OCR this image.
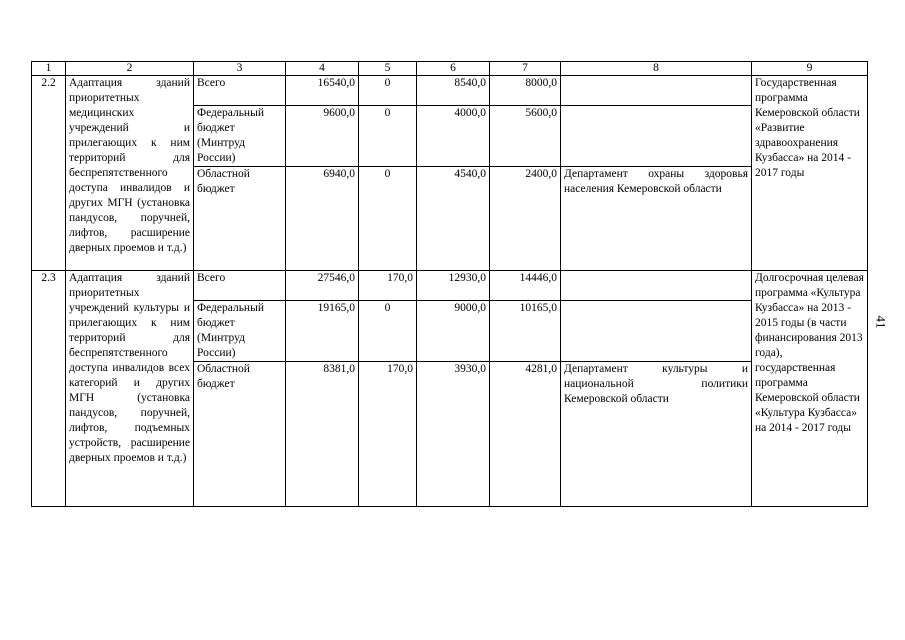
1	2	3	4	5	6	7	8	9
2.2	Адаптация зданий приоритетных медицинских учреждений и прилегающих к ним территорий для беспрепятственного доступа инвалидов и других МГН (установка пандусов, поручней, лифтов, расширение дверных проемов и т.д.)	Всего	16540,0	0	8540,0	8000,0		Государственная программа Кемеровской области «Развитие здравоохранения Кузбасса» на 2014 - 2017 годы
		Федеральный бюджет (Минтруд России)	9600,0	0	4000,0	5600,0		
		Областной бюджет	6940,0	0	4540,0	2400,0	Департамент охраны здоровья населения Кемеровской области	
2.3	Адаптация зданий приоритетных учреждений культуры и прилегающих к ним территорий для беспрепятственного доступа инвалидов всех категорий и других МГН (установка пандусов, поручней, лифтов, подъемных устройств, расширение дверных проемов и т.д.)	Всего	27546,0	170,0	12930,0	14446,0		Долгосрочная целевая программа «Культура Кузбасса» на 2013 - 2015 годы (в части финансирования 2013 года), государственная программа Кемеровской области «Культура Кузбасса» на 2014 - 2017 годы
		Федеральный бюджет (Минтруд России)	19165,0	0	9000,0	10165,0		
		Областной бюджет	8381,0	170,0	3930,0	4281,0	Департамент культуры и национальной политики Кемеровской области	
41
